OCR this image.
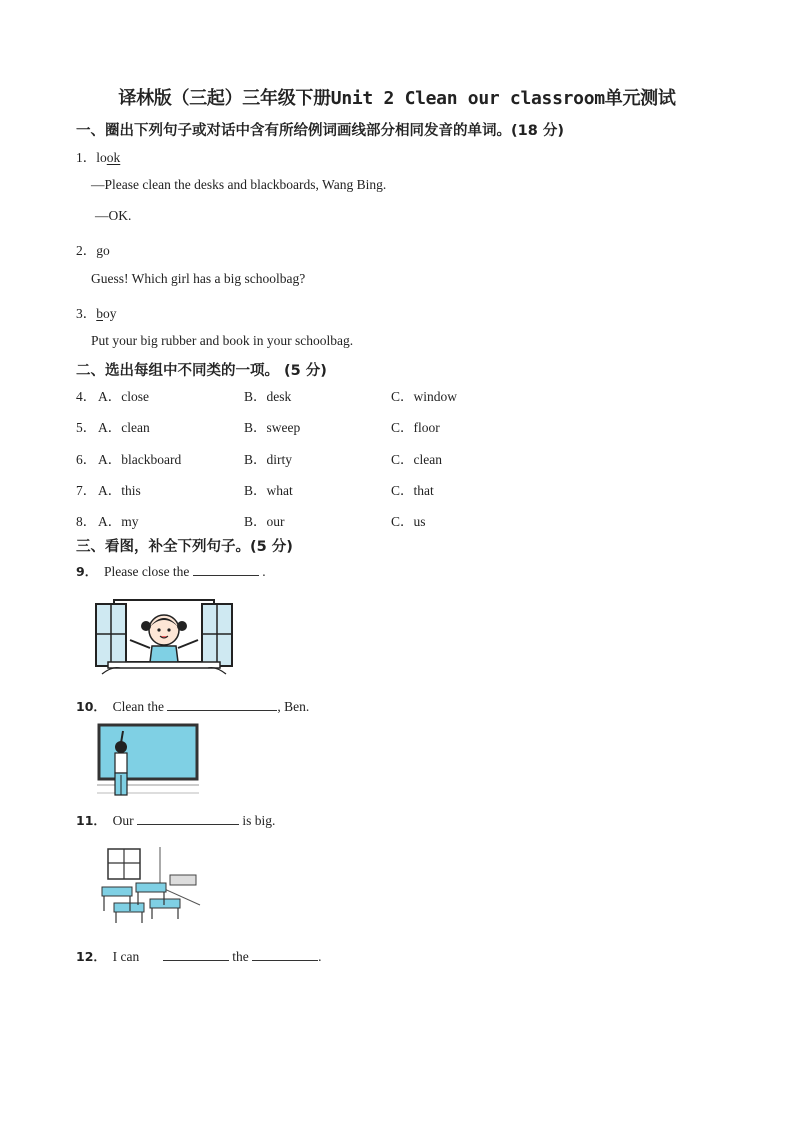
译林版（三起）三年级下册Unit 2 Clean our classroom单元测试
一、圈出下列句子或对话中含有所给例词画线部分相同发音的单词。(18 分)
1．look
—Please clean the desks and blackboards, Wang Bing.
—OK.
2．go
Guess! Which girl has a big schoolbag?
3．boy
Put your big rubber and book in your schoolbag.
二、选出每组中不同类的一项。 (5 分)
4． A．close	B．desk	C．window
5． A．clean	B．sweep	C．floor
6． A．blackboard	B．dirty	C．clean
7． A．this	B．what	C．that
8． A．my	B．our	C．us
三、看图，补全下列句子。(5 分)
9． Please close the	.
10． Clean the	, Ben.
11． Our	is big.
12． I can	the	.
